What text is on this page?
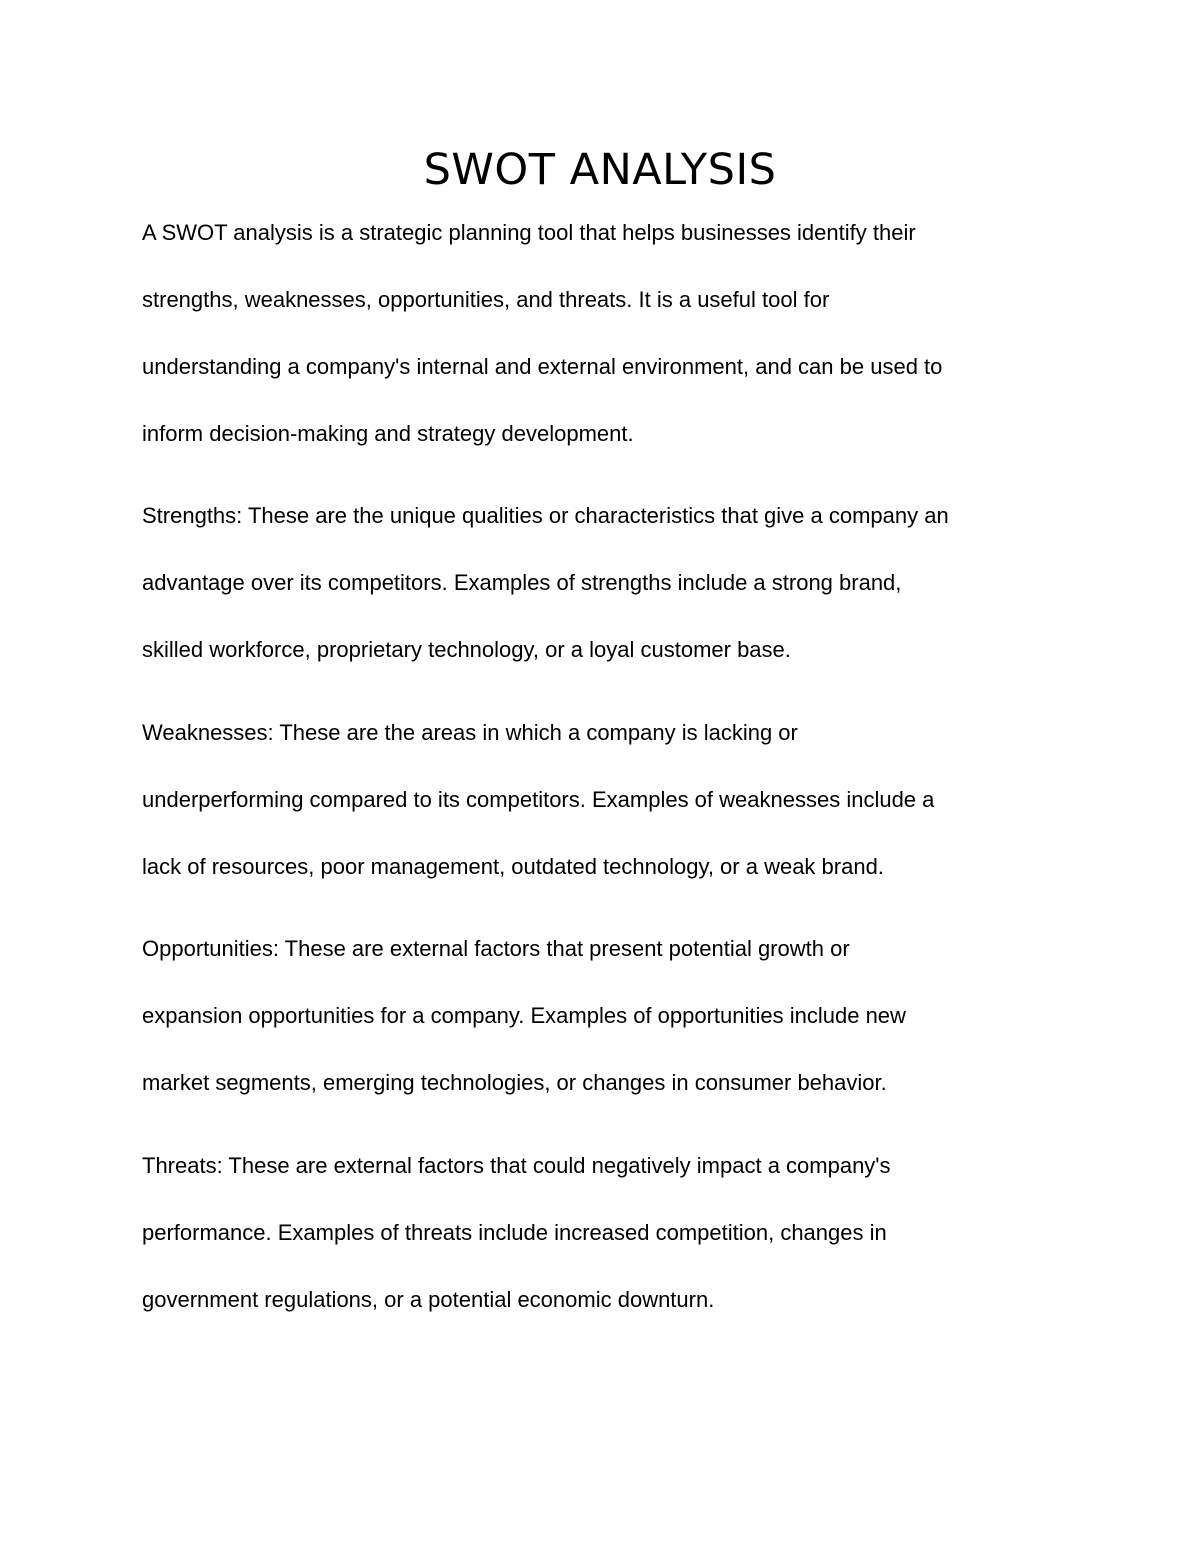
SWOT ANALYSIS

A SWOT analysis is a strategic planning tool that helps businesses identify their
strengths, weaknesses, opportunities, and threats. It is a useful tool for
understanding a company's internal and external environment, and can be used to
inform decision-making and strategy development.

Strengths: These are the unique qualities or characteristics that give a company an
advantage over its competitors. Examples of strengths include a strong brand,
skilled workforce, proprietary technology, or a loyal customer base.

Weaknesses: These are the areas in which a company is lacking or
underperforming compared to its competitors. Examples of weaknesses include a
lack of resources, poor management, outdated technology, or a weak brand.

Opportunities: These are external factors that present potential growth or
expansion opportunities for a company. Examples of opportunities include new
market segments, emerging technologies, or changes in consumer behavior.

Threats: These are external factors that could negatively impact a company's
performance. Examples of threats include increased competition, changes in
government regulations, or a potential economic downturn.
